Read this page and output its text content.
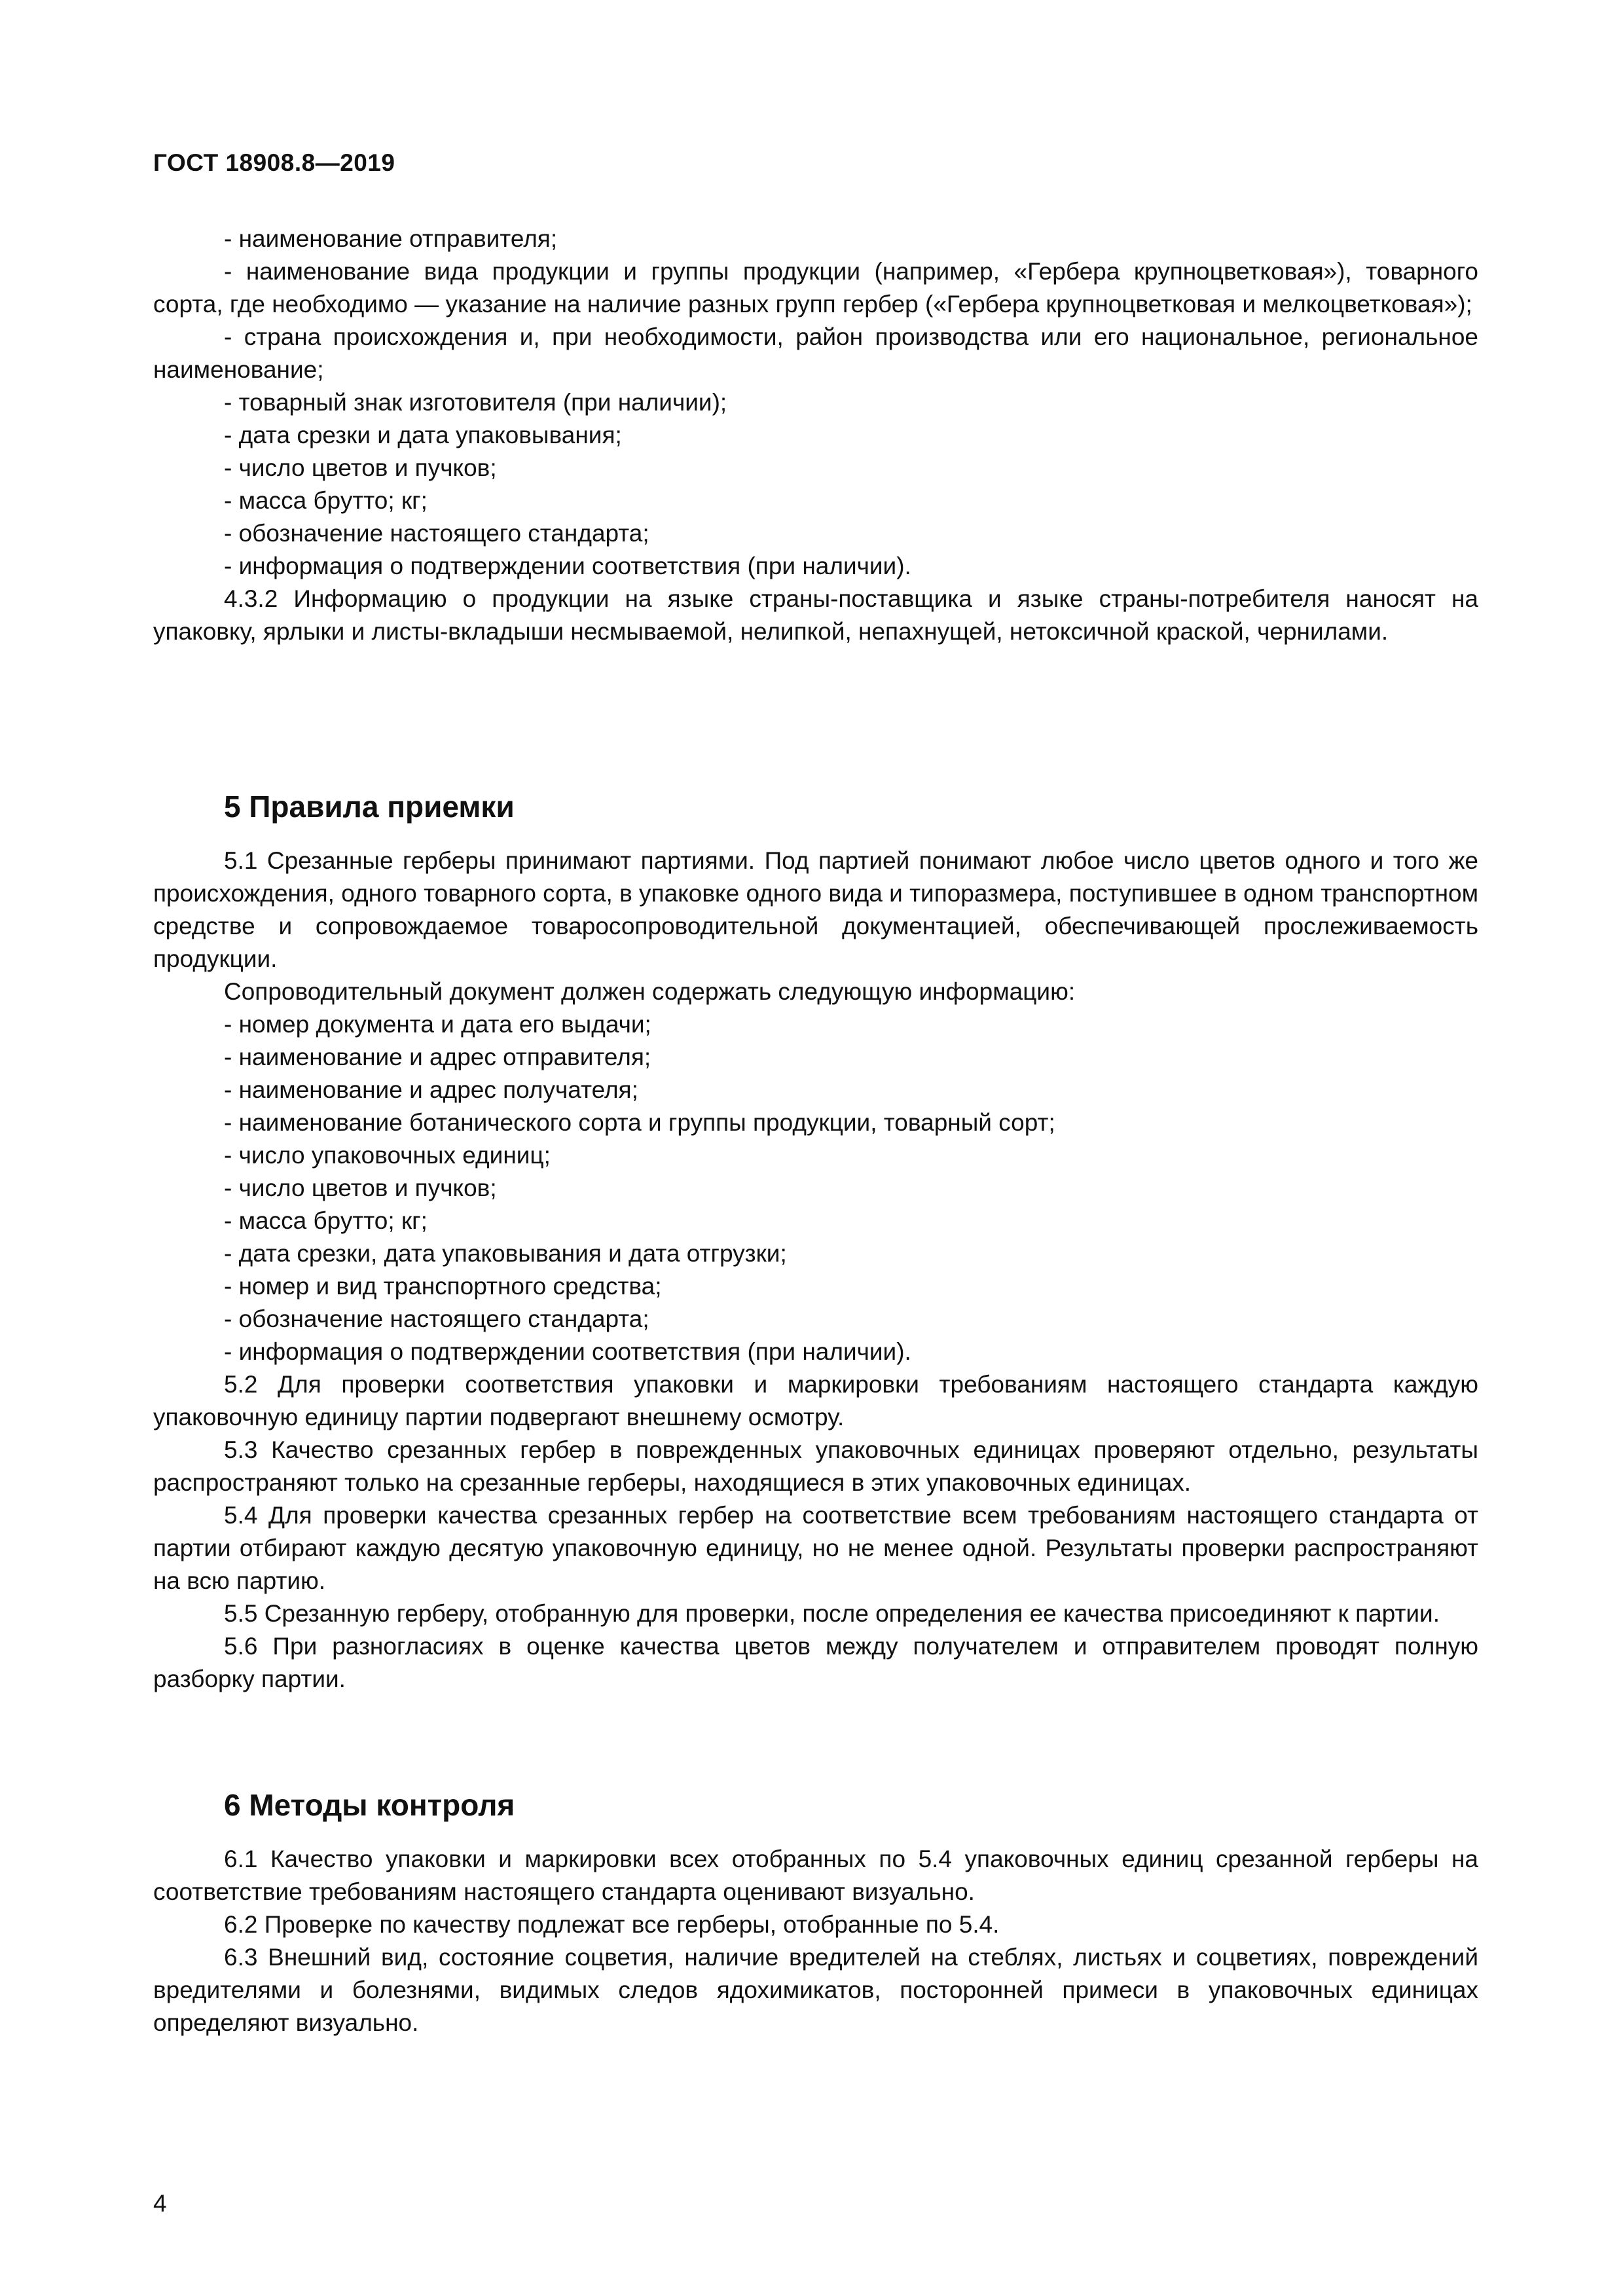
ГОСТ 18908.8—2019

- наименование отправителя;

- наименование вида продукции и группы продукции (например, «Гербера крупноцветковая»), товарного сорта, где необходимо — указание на наличие разных групп гербер («Гербера крупноцветковая и мелкоцветковая»);

- страна происхождения и, при необходимости, район производства или его национальное, региональное наименование;

- товарный знак изготовителя (при наличии);

- дата срезки и дата упаковывания;

- число цветов и пучков;

- масса брутто; кг;

- обозначение настоящего стандарта;

- информация о подтверждении соответствия (при наличии).

4.3.2 Информацию о продукции на языке страны-поставщика и языке страны-потребителя наносят на упаковку, ярлыки и листы-вкладыши несмываемой, нелипкой, непахнущей, нетоксичной краской, чернилами.

5 Правила приемки

5.1 Срезанные герберы принимают партиями. Под партией понимают любое число цветов одного и того же происхождения, одного товарного сорта, в упаковке одного вида и типоразмера, поступившее в одном транспортном средстве и сопровождаемое товаросопроводительной документацией, обеспечивающей прослеживаемость продукции.

Сопроводительный документ должен содержать следующую информацию:

- номер документа и дата его выдачи;

- наименование и адрес отправителя;

- наименование и адрес получателя;

- наименование ботанического сорта и группы продукции, товарный сорт;

- число упаковочных единиц;

- число цветов и пучков;

- масса брутто; кг;

- дата срезки, дата упаковывания и дата отгрузки;

- номер и вид транспортного средства;

- обозначение настоящего стандарта;

- информация о подтверждении соответствия (при наличии).

5.2 Для проверки соответствия упаковки и маркировки требованиям настоящего стандарта каждую упаковочную единицу партии подвергают внешнему осмотру.

5.3 Качество срезанных гербер в поврежденных упаковочных единицах проверяют отдельно, результаты распространяют только на срезанные герберы, находящиеся в этих упаковочных единицах.

5.4 Для проверки качества срезанных гербер на соответствие всем требованиям настоящего стандарта от партии отбирают каждую десятую упаковочную единицу, но не менее одной. Результаты проверки распространяют на всю партию.

5.5 Срезанную герберу, отобранную для проверки, после определения ее качества присоединяют к партии.

5.6 При разногласиях в оценке качества цветов между получателем и отправителем проводят полную разборку партии.

6 Методы контроля

6.1 Качество упаковки и маркировки всех отобранных по 5.4 упаковочных единиц срезанной герберы на соответствие требованиям настоящего стандарта оценивают визуально.

6.2 Проверке по качеству подлежат все герберы, отобранные по 5.4.

6.3 Внешний вид, состояние соцветия, наличие вредителей на стеблях, листьях и соцветиях, повреждений вредителями и болезнями, видимых следов ядохимикатов, посторонней примеси в упаковочных единицах определяют визуально.

4
